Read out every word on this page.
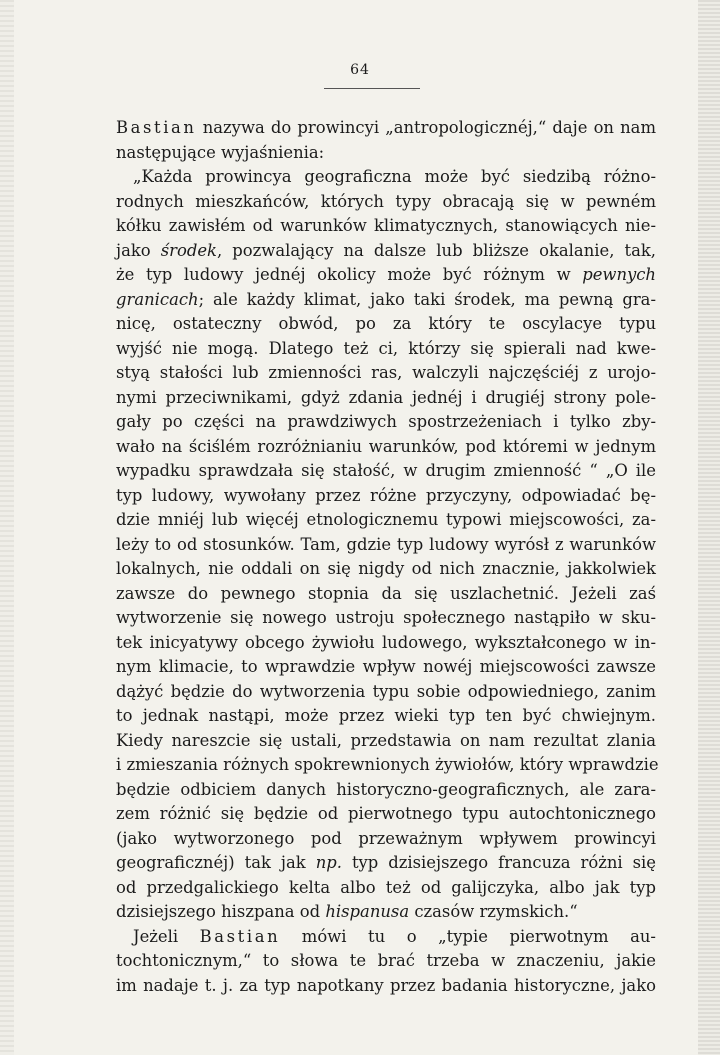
64
Bastian nazywa do prowincyi „antropologicznéj,“ daje on nam
następujące wyjaśnienia:
„Każda prowincya geograficzna może być siedzibą różno-
rodnych mieszkańców, których typy obracają się w pewném
kółku zawisłém od warunków klimatycznych, stanowiących nie-
jako środek, pozwalający na dalsze lub bliższe okalanie, tak,
że typ ludowy jednéj okolicy może być różnym w pewnych
granicach; ale każdy klimat, jako taki środek, ma pewną gra-
nicę, ostateczny obwód, po za który te oscylacye typu
wyjść nie mogą. Dlatego też ci, którzy się spierali nad kwe-
styą stałości lub zmienności ras, walczyli najczęściéj z urojo-
nymi przeciwnikami, gdyż zdania jednéj i drugiéj strony pole-
gały po części na prawdziwych spostrzeżeniach i tylko zby-
wało na ściślém rozróżnianiu warunków, pod któremi w jednym
wypadku sprawdzała się stałość, w drugim zmienność “ „O ile
typ ludowy, wywołany przez różne przyczyny, odpowiadać bę-
dzie mniéj lub więcéj etnologicznemu typowi miejscowości, za-
leży to od stosunków. Tam, gdzie typ ludowy wyrósł z warunków
lokalnych, nie oddali on się nigdy od nich znacznie, jakkolwiek
zawsze do pewnego stopnia da się uszlachetnić. Jeżeli zaś
wytworzenie się nowego ustroju społecznego nastąpiło w sku-
tek inicyatywy obcego żywiołu ludowego, wykształconego w in-
nym klimacie, to wprawdzie wpływ nowéj miejscowości zawsze
dążyć będzie do wytworzenia typu sobie odpowiedniego, zanim
to jednak nastąpi, może przez wieki typ ten być chwiejnym.
Kiedy nareszcie się ustali, przedstawia on nam rezultat zlania
i zmieszania różnych spokrewnionych żywiołów, który wprawdzie
będzie odbiciem danych historyczno-geograficznych, ale zara-
zem różnić się będzie od pierwotnego typu autochtonicznego
(jako wytworzonego pod przeważnym wpływem prowincyi
geograficznéj) tak jak np. typ dzisiejszego francuza różni się
od przedgalickiego kelta albo też od galijczyka, albo jak typ
dzisiejszego hiszpana od hispanusa czasów rzymskich.“
Jeżeli Bastian mówi tu o „typie pierwotnym au-
tochtonicznym,“ to słowa te brać trzeba w znaczeniu, jakie
im nadaje t. j. za typ napotkany przez badania historyczne, jako
